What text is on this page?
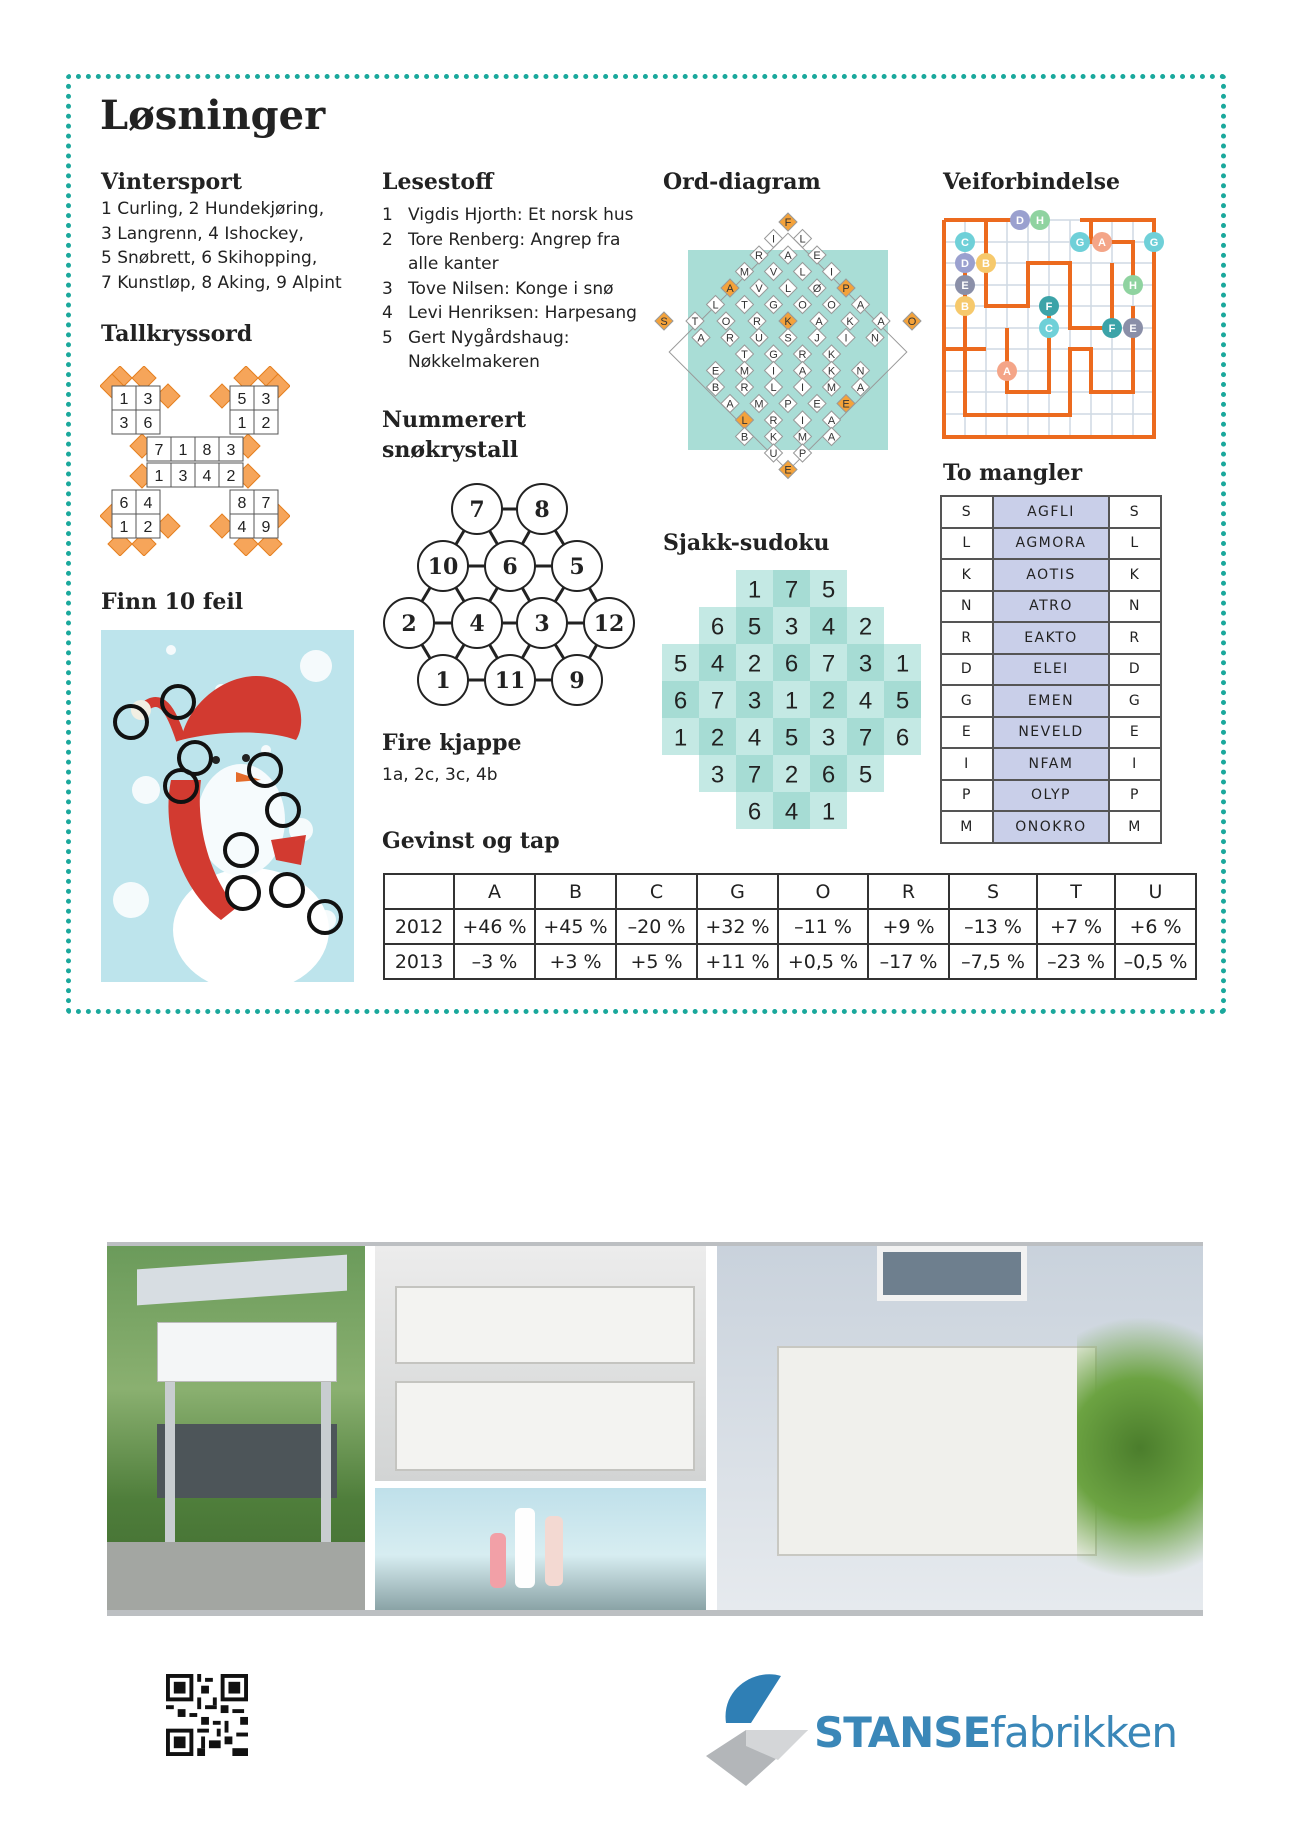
Løsninger
Vintersport
1 Curling, 2 Hundekjøring,
3 Langrenn, 4 Ishockey,
5 Snøbrett, 6 Skihopping,
7 Kunstløp, 8 Aking, 9 Alpint
Tallkryssord
1 3
3 6
5 3
1 2
7 1 8 3
1 3 4 2
6 4
1 2
8 7
4 9
Finn 10 feil
Lesestoff
1 Vigdis Hjorth: Et norsk hus
2 Tore Renberg: Angrep fra
alle kanter
3 Tove Nilsen: Konge i snø
4 Levi Henriksen: Harpesang
5 Gert Nygårdshaug:
Nøkkelmakeren
Nummerert
snøkrystall
7 8
10 6 5
2 4 3 12
1 11 9
Fire kjappe
1a, 2c, 3c, 4b
Gevinst og tap
	A	B	C	G	O	R	S	T	U
2012	+46 %	+45 %	–20 %	+32 %	–11 %	+9 %	–13 %	+7 %	+6 %
2013	–3 %	+3 %	+5 %	+11 %	+0,5 %	–17 %	–7,5 %	–23 %	–0,5 %
Ord-diagram
F
I L
R A E
M V L I
A V L Ø P
L T G O O A
S T O R K A K A O
A R U S J I N
T G R K
E M I A K N
B R L I M A
A M P E E
L R I A
B K M A
U P
E
Sjakk-sudoku
1 7 5
6 5 3 4 2
5 4 2 6 7 3 1
6 7 3 1 2 4 5
1 2 4 5 3 7 6
3 7 2 6 5
6 4 1
Veiforbindelse
D H
C	G A	G
D B
E	H
B	F
C	F E
A
To mangler
S	AGFLI	S
L	AGMORA	L
K	AOTIS	K
N	ATRO	N
R	EAKTO	R
D	ELEI	D
G	EMEN	G
E	NEVELD	E
I	NFAM	I
P	OLYP	P
M	ONOKRO	M
STANSEfabrikken
